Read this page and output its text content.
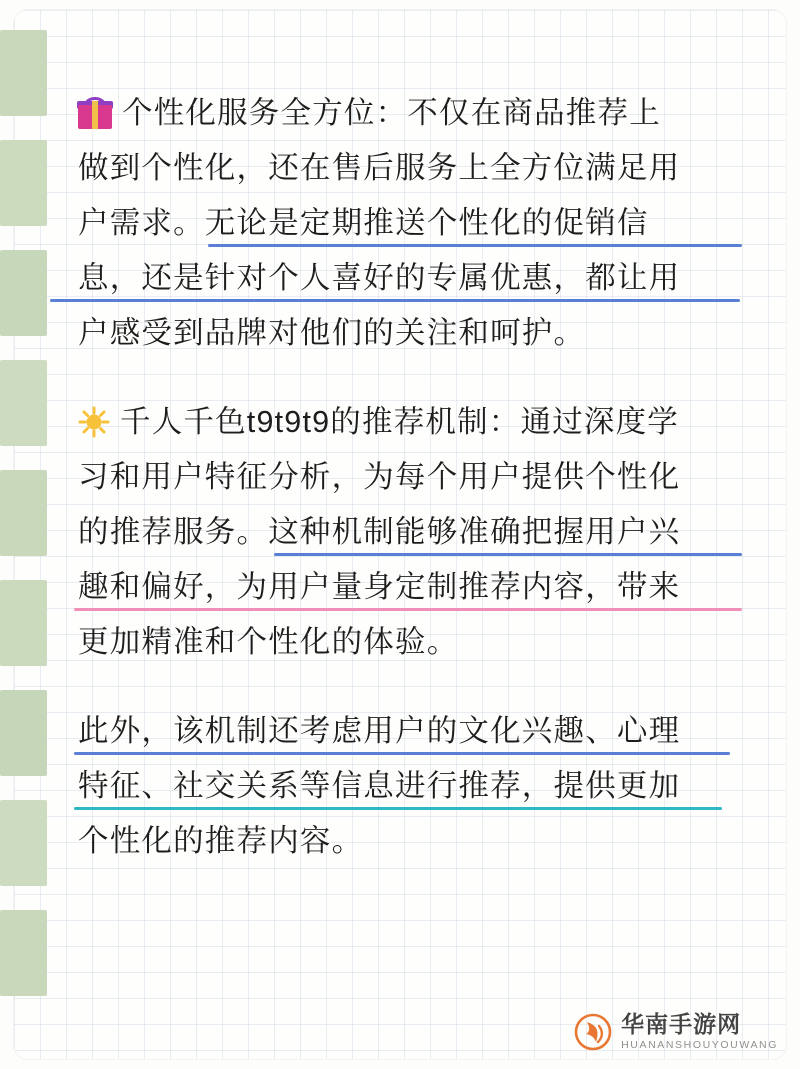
个性化服务全方位：不仅在商品推荐上
做到个性化，还在售后服务上全方位满足用
户需求。无论是定期推送个性化的促销信
息，还是针对个人喜好的专属优惠，都让用
户感受到品牌对他们的关注和呵护。
千人千色t9t9t9的推荐机制：通过深度学
习和用户特征分析，为每个用户提供个性化
的推荐服务。这种机制能够准确把握用户兴
趣和偏好，为用户量身定制推荐内容，带来
更加精准和个性化的体验。
此外，该机制还考虑用户的文化兴趣、心理
特征、社交关系等信息进行推荐，提供更加
个性化的推荐内容。
华南手游网
HUANANSHOUYOUWANG
